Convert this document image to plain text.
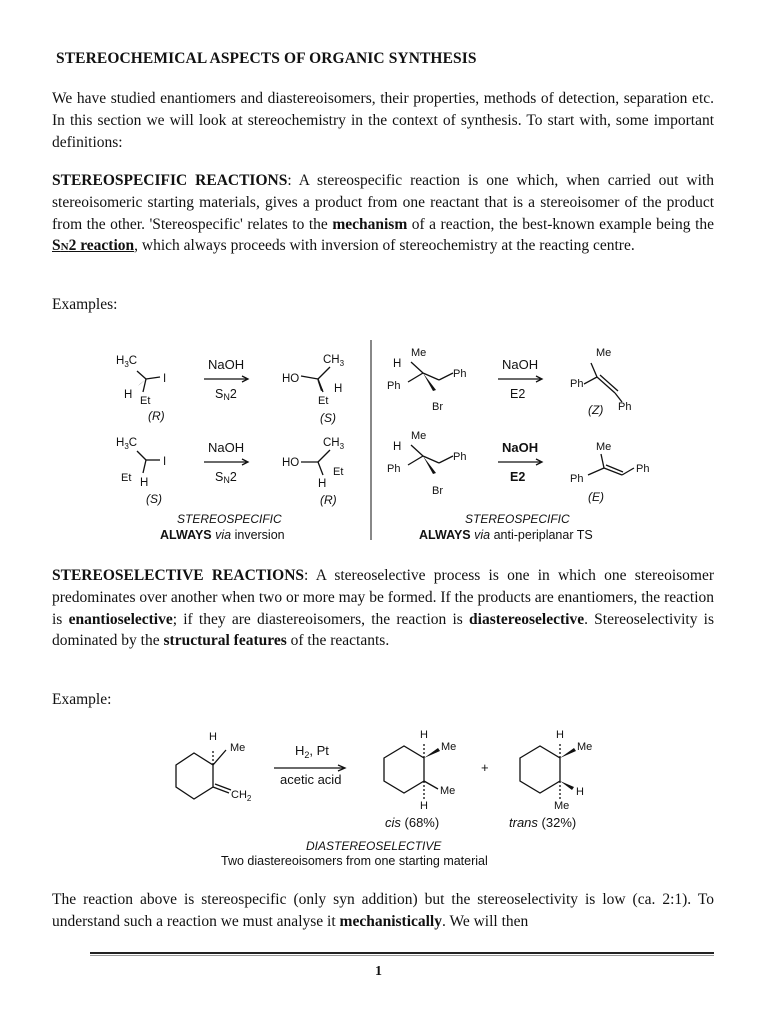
STEREOCHEMICAL ASPECTS OF ORGANIC SYNTHESIS

We have studied enantiomers and diastereoisomers, their properties, methods of detection, separation etc. In this section we will look at stereochemistry in the context of synthesis. To start with, some important definitions:

STEREOSPECIFIC REACTIONS: A stereospecific reaction is one which, when carried out with stereoisomeric starting materials, gives a product from one reactant that is a stereoisomer of the product from the other. 'Stereospecific' relates to the mechanism of a reaction, the best-known example being the SN2 reaction, which always proceeds with inversion of stereochemistry at the reacting centre.

Examples:
$H_3C$
H
I
Et
(R)
NaOH
SN2
$CH_3$
HO
H
Et
(S)
$H_3C$
Et H
I
(S)
NaOH
SN2
$CH_3$
HO
Et
H
(R)
STEREOSPECIFIC
ALWAYS via inversion
Me
H
Ph
Ph
Br
NaOH
E2
Me
Ph
Ph
(Z)
Me
H
Ph
Ph
Br
NaOH
E2
Me
Ph
Ph
(E)
STEREOSPECIFIC
ALWAYS via anti-periplanar TS

STEREOSELECTIVE REACTIONS: A stereoselective process is one in which one stereoisomer predominates over another when two or more may be formed. If the products are enantiomers, the reaction is enantioselective; if they are diastereoisomers, the reaction is diastereoselective. Stereoselectivity is dominated by the structural features of the reactants.

Example:
H
Me
$CH_2$
$H_2$, Pt
acetic acid
H
Me
Me
H
cis (68%)
+
H
Me
H
Me
trans (32%)
DIASTEREOSELECTIVE
Two diastereoisomers from one starting material

The reaction above is stereospecific (only syn addition) but the stereoselectivity is low (ca. 2:1). To understand such a reaction we must analyse it mechanistically. We will then

1
